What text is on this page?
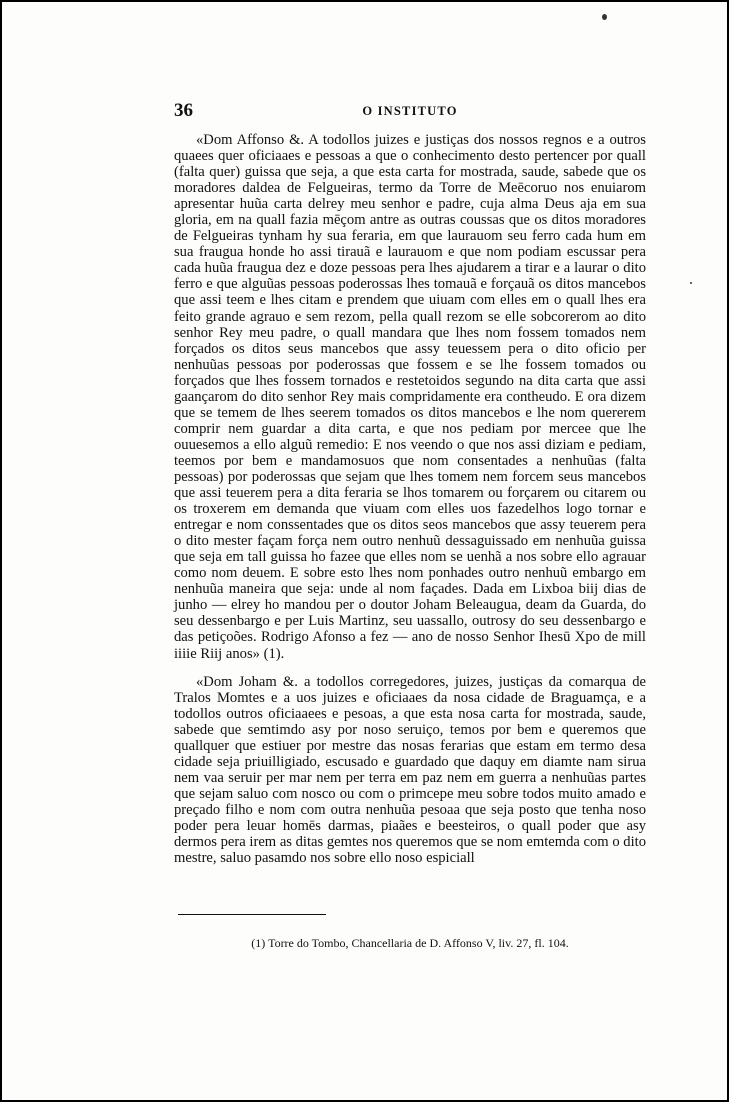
36	O INSTITUTO

«Dom Affonso &. A todollos juizes e justiças dos nossos regnos e a outros quaees quer oficiaaes e pessoas a que o conhecimento desto pertencer por quall (falta quer) guissa que seja, a que esta carta for mostrada, saude, sabede que os moradores daldea de Felgueiras, termo da Torre de Meēcoruo nos enuiarom apresentar huũa carta delrey meu senhor e padre, cuja alma Deus aja em sua gloria, em na quall fazia mēçom antre as outras coussas que os ditos moradores de Felgueiras tynham hy sua feraria, em que laurauom seu ferro cada hum em sua fraugua honde ho assi tirauã e laurauom e que nom podiam escussar pera cada huũa fraugua dez e doze pessoas pera lhes ajudarem a tirar e a laurar o dito ferro e que alguũas pessoas poderossas lhes tomauã e forçauã os ditos mancebos que assi teem e lhes citam e prendem que uiuam com elles em o quall lhes era feito grande agrauo e sem rezom, pella quall rezom se elle sobcorerom ao dito senhor Rey meu padre, o quall mandara que lhes nom fossem tomados nem forçados os ditos seus mancebos que assy teuessem pera o dito oficio per nenhuũas pessoas por poderossas que fossem e se lhe fossem tomados ou forçados que lhes fossem tornados e restetoidos segundo na dita carta que assi gaançarom do dito senhor Rey mais compridamente era contheudo. E ora dizem que se temem de lhes seerem tomados os ditos mancebos e lhe nom quererem comprir nem guardar a dita carta, e que nos pediam por mercee que lhe ouuesemos a ello alguũ remedio: E nos veendo o que nos assi diziam e pediam, teemos por bem e mandamosuos que nom consentades a nenhuũas (falta pessoas) por poderossas que sejam que lhes tomem nem forcem seus mancebos que assi teuerem pera a dita feraria se lhos tomarem ou forçarem ou citarem ou os troxerem em demanda que viuam com elles uos fazedelhos logo tornar e entregar e nom conssentades que os ditos seos mancebos que assy teuerem pera o dito mester façam força nem outro nenhuũ dessaguissado em nenhuũa guissa que seja em tall guissa ho fazee que elles nom se uenhã a nos sobre ello agrauar como nom deuem. E sobre esto lhes nom ponhades outro nenhuũ embargo em nenhuũa maneira que seja: unde al nom façades. Dada em Lixboa biij dias de junho — elrey ho mandou per o doutor Joham Beleaugua, deam da Guarda, do seu dessenbargo e per Luis Martinz, seu uassallo, outrosy do seu dessenbargo e das petiçoões. Rodrigo Afonso a fez — ano de nosso Senhor Ihesū Xpo de mill iiiie Riij anos» (1).

«Dom Joham &. a todollos corregedores, juizes, justiças da comarqua de Tralos Momtes e a uos juizes e oficiaaes da nosa cidade de Braguamça, e a todollos outros oficiaaees e pesoas, a que esta nosa carta for mostrada, saude, sabede que semtimdo asy por noso seruiço, temos por bem e queremos que quallquer que estiuer por mestre das nosas ferarias que estam em termo desa cidade seja priuilligiado, escusado e guardado que daquy em diamte nam sirua nem vaa seruir per mar nem per terra em paz nem em guerra a nenhuũas partes que sejam saluo com nosco ou com o primcepe meu sobre todos muito amado e preçado filho e nom com outra nenhuũa pesoaa que seja posto que tenha noso poder pera leuar homēs darmas, piaães e beesteiros, o quall poder que asy dermos pera irem as ditas gemtes nos queremos que se nom emtemda com o dito mestre, saluo pasamdo nos sobre ello noso espiciall

(1) Torre do Tombo, Chancellaria de D. Affonso V, liv. 27, fl. 104.
